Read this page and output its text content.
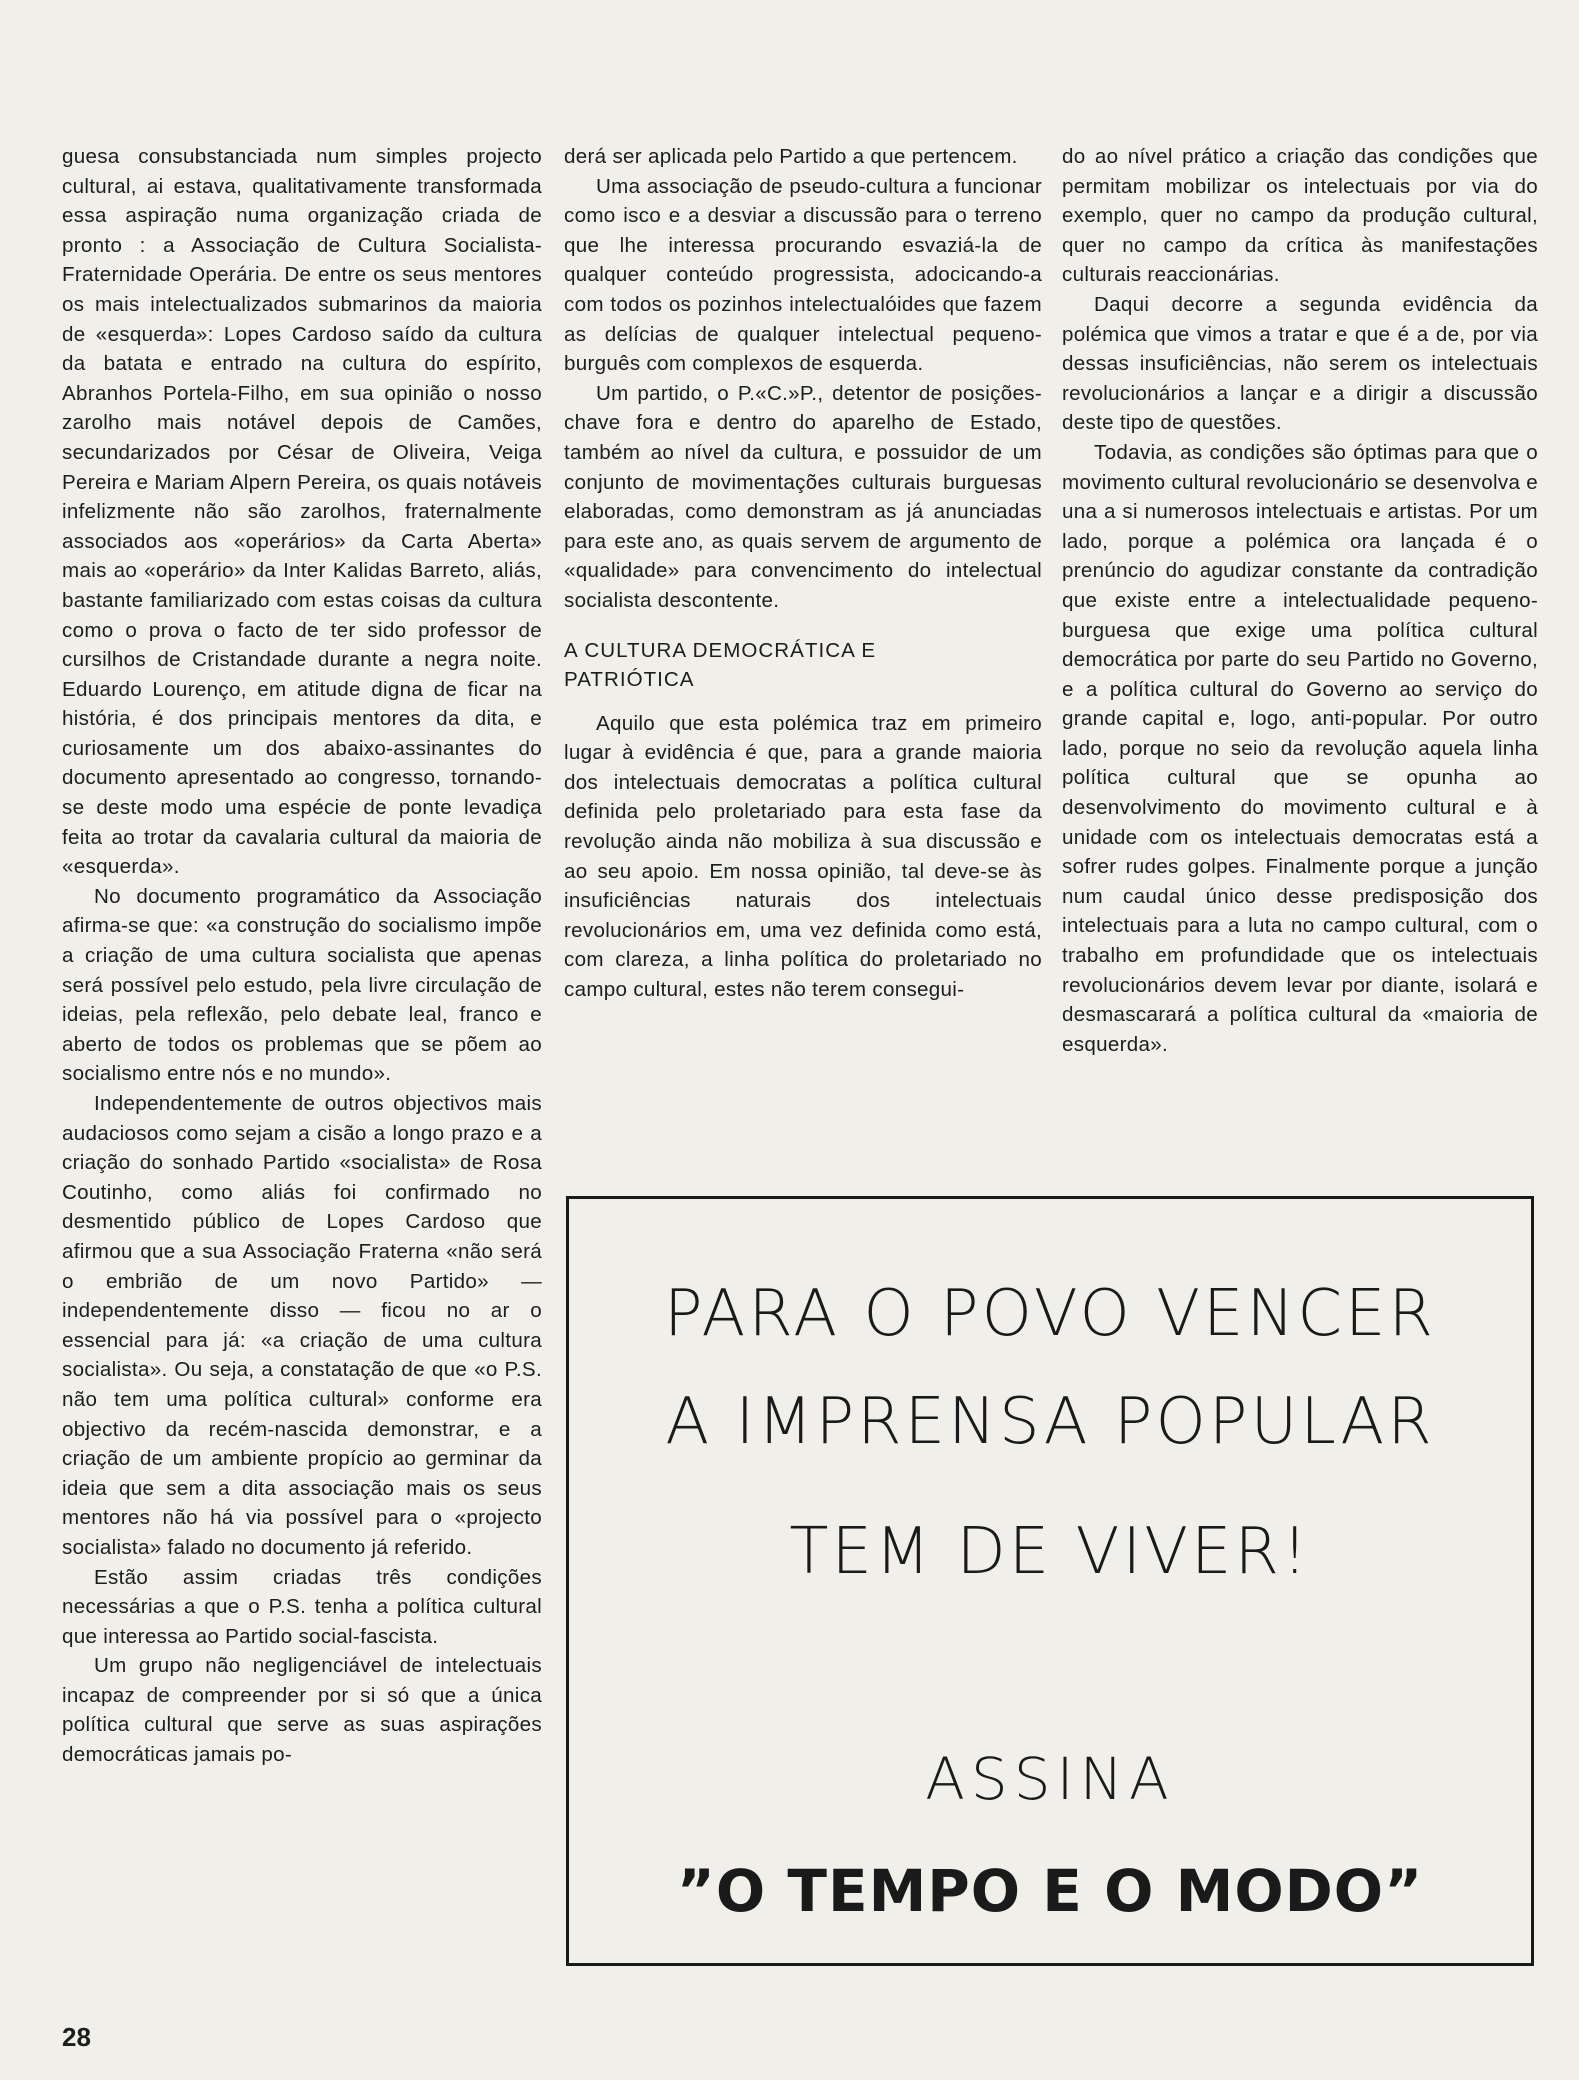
guesa consubstanciada num simples projecto cultural, ai estava, qualitativamente transformada essa aspiração numa organização criada de pronto : a Associação de Cultura Socialista-Fraternidade Operária. De entre os seus mentores os mais intelectualizados submarinos da maioria de «esquerda»: Lopes Cardoso saído da cultura da batata e entrado na cultura do espírito, Abranhos Portela-Filho, em sua opinião o nosso zarolho mais notável depois de Camões, secundarizados por César de Oliveira, Veiga Pereira e Mariam Alpern Pereira, os quais notáveis infelizmente não são zarolhos, fraternalmente associados aos «operários» da Carta Aberta» mais ao «operário» da Inter Kalidas Barreto, aliás, bastante familiarizado com estas coisas da cultura como o prova o facto de ter sido professor de cursilhos de Cristandade durante a negra noite. Eduardo Lourenço, em atitude digna de ficar na história, é dos principais mentores da dita, e curiosamente um dos abaixo-assinantes do documento apresentado ao congresso, tornando-se deste modo uma espécie de ponte levadiça feita ao trotar da cavalaria cultural da maioria de «esquerda».

No documento programático da Associação afirma-se que: «a construção do socialismo impõe a criação de uma cultura socialista que apenas será possível pelo estudo, pela livre circulação de ideias, pela reflexão, pelo debate leal, franco e aberto de todos os problemas que se põem ao socialismo entre nós e no mundo».

Independentemente de outros objectivos mais audaciosos como sejam a cisão a longo prazo e a criação do sonhado Partido «socialista» de Rosa Coutinho, como aliás foi confirmado no desmentido público de Lopes Cardoso que afirmou que a sua Associação Fraterna «não será o embrião de um novo Partido» — independentemente disso — ficou no ar o essencial para já: «a criação de uma cultura socialista». Ou seja, a constatação de que «o P.S. não tem uma política cultural» conforme era objectivo da recém-nascida demonstrar, e a criação de um ambiente propício ao germinar da ideia que sem a dita associação mais os seus mentores não há via possível para o «projecto socialista» falado no documento já referido.

Estão assim criadas três condições necessárias a que o P.S. tenha a política cultural que interessa ao Partido social-fascista.

Um grupo não negligenciável de intelectuais incapaz de compreender por si só que a única política cultural que serve as suas aspirações democráticas jamais po-

derá ser aplicada pelo Partido a que pertencem.

Uma associação de pseudo-cultura a funcionar como isco e a desviar a discussão para o terreno que lhe interessa procurando esvaziá-la de qualquer conteúdo progressista, adocicando-a com todos os pozinhos intelectualóides que fazem as delícias de qualquer intelectual pequeno-burguês com complexos de esquerda.

Um partido, o P.«C.»P., detentor de posições-chave fora e dentro do aparelho de Estado, também ao nível da cultura, e possuidor de um conjunto de movimentações culturais burguesas elaboradas, como demonstram as já anunciadas para este ano, as quais servem de argumento de «qualidade» para convencimento do intelectual socialista descontente.

A CULTURA DEMOCRÁTICA E
PATRIÓTICA

Aquilo que esta polémica traz em primeiro lugar à evidência é que, para a grande maioria dos intelectuais democratas a política cultural definida pelo proletariado para esta fase da revolução ainda não mobiliza à sua discussão e ao seu apoio. Em nossa opinião, tal deve-se às insuficiências naturais dos intelectuais revolucionários em, uma vez definida como está, com clareza, a linha política do proletariado no campo cultural, estes não terem consegui-

do ao nível prático a criação das condições que permitam mobilizar os intelectuais por via do exemplo, quer no campo da produção cultural, quer no campo da crítica às manifestações culturais reaccionárias.

Daqui decorre a segunda evidência da polémica que vimos a tratar e que é a de, por via dessas insuficiências, não serem os intelectuais revolucionários a lançar e a dirigir a discussão deste tipo de questões.

Todavia, as condições são óptimas para que o movimento cultural revolucionário se desenvolva e una a si numerosos intelectuais e artistas. Por um lado, porque a polémica ora lançada é o prenúncio do agudizar constante da contradição que existe entre a intelectualidade pequeno-burguesa que exige uma política cultural democrática por parte do seu Partido no Governo, e a política cultural do Governo ao serviço do grande capital e, logo, anti-popular. Por outro lado, porque no seio da revolução aquela linha política cultural que se opunha ao desenvolvimento do movimento cultural e à unidade com os intelectuais democratas está a sofrer rudes golpes. Finalmente porque a junção num caudal único desse predisposição dos intelectuais para a luta no campo cultural, com o trabalho em profundidade que os intelectuais revolucionários devem levar por diante, isolará e desmascarará a política cultural da «maioria de esquerda».

PARA O POVO VENCER
A IMPRENSA POPULAR
TEM DE VIVER!
ASSINA
”O TEMPO E O MODO”
28
